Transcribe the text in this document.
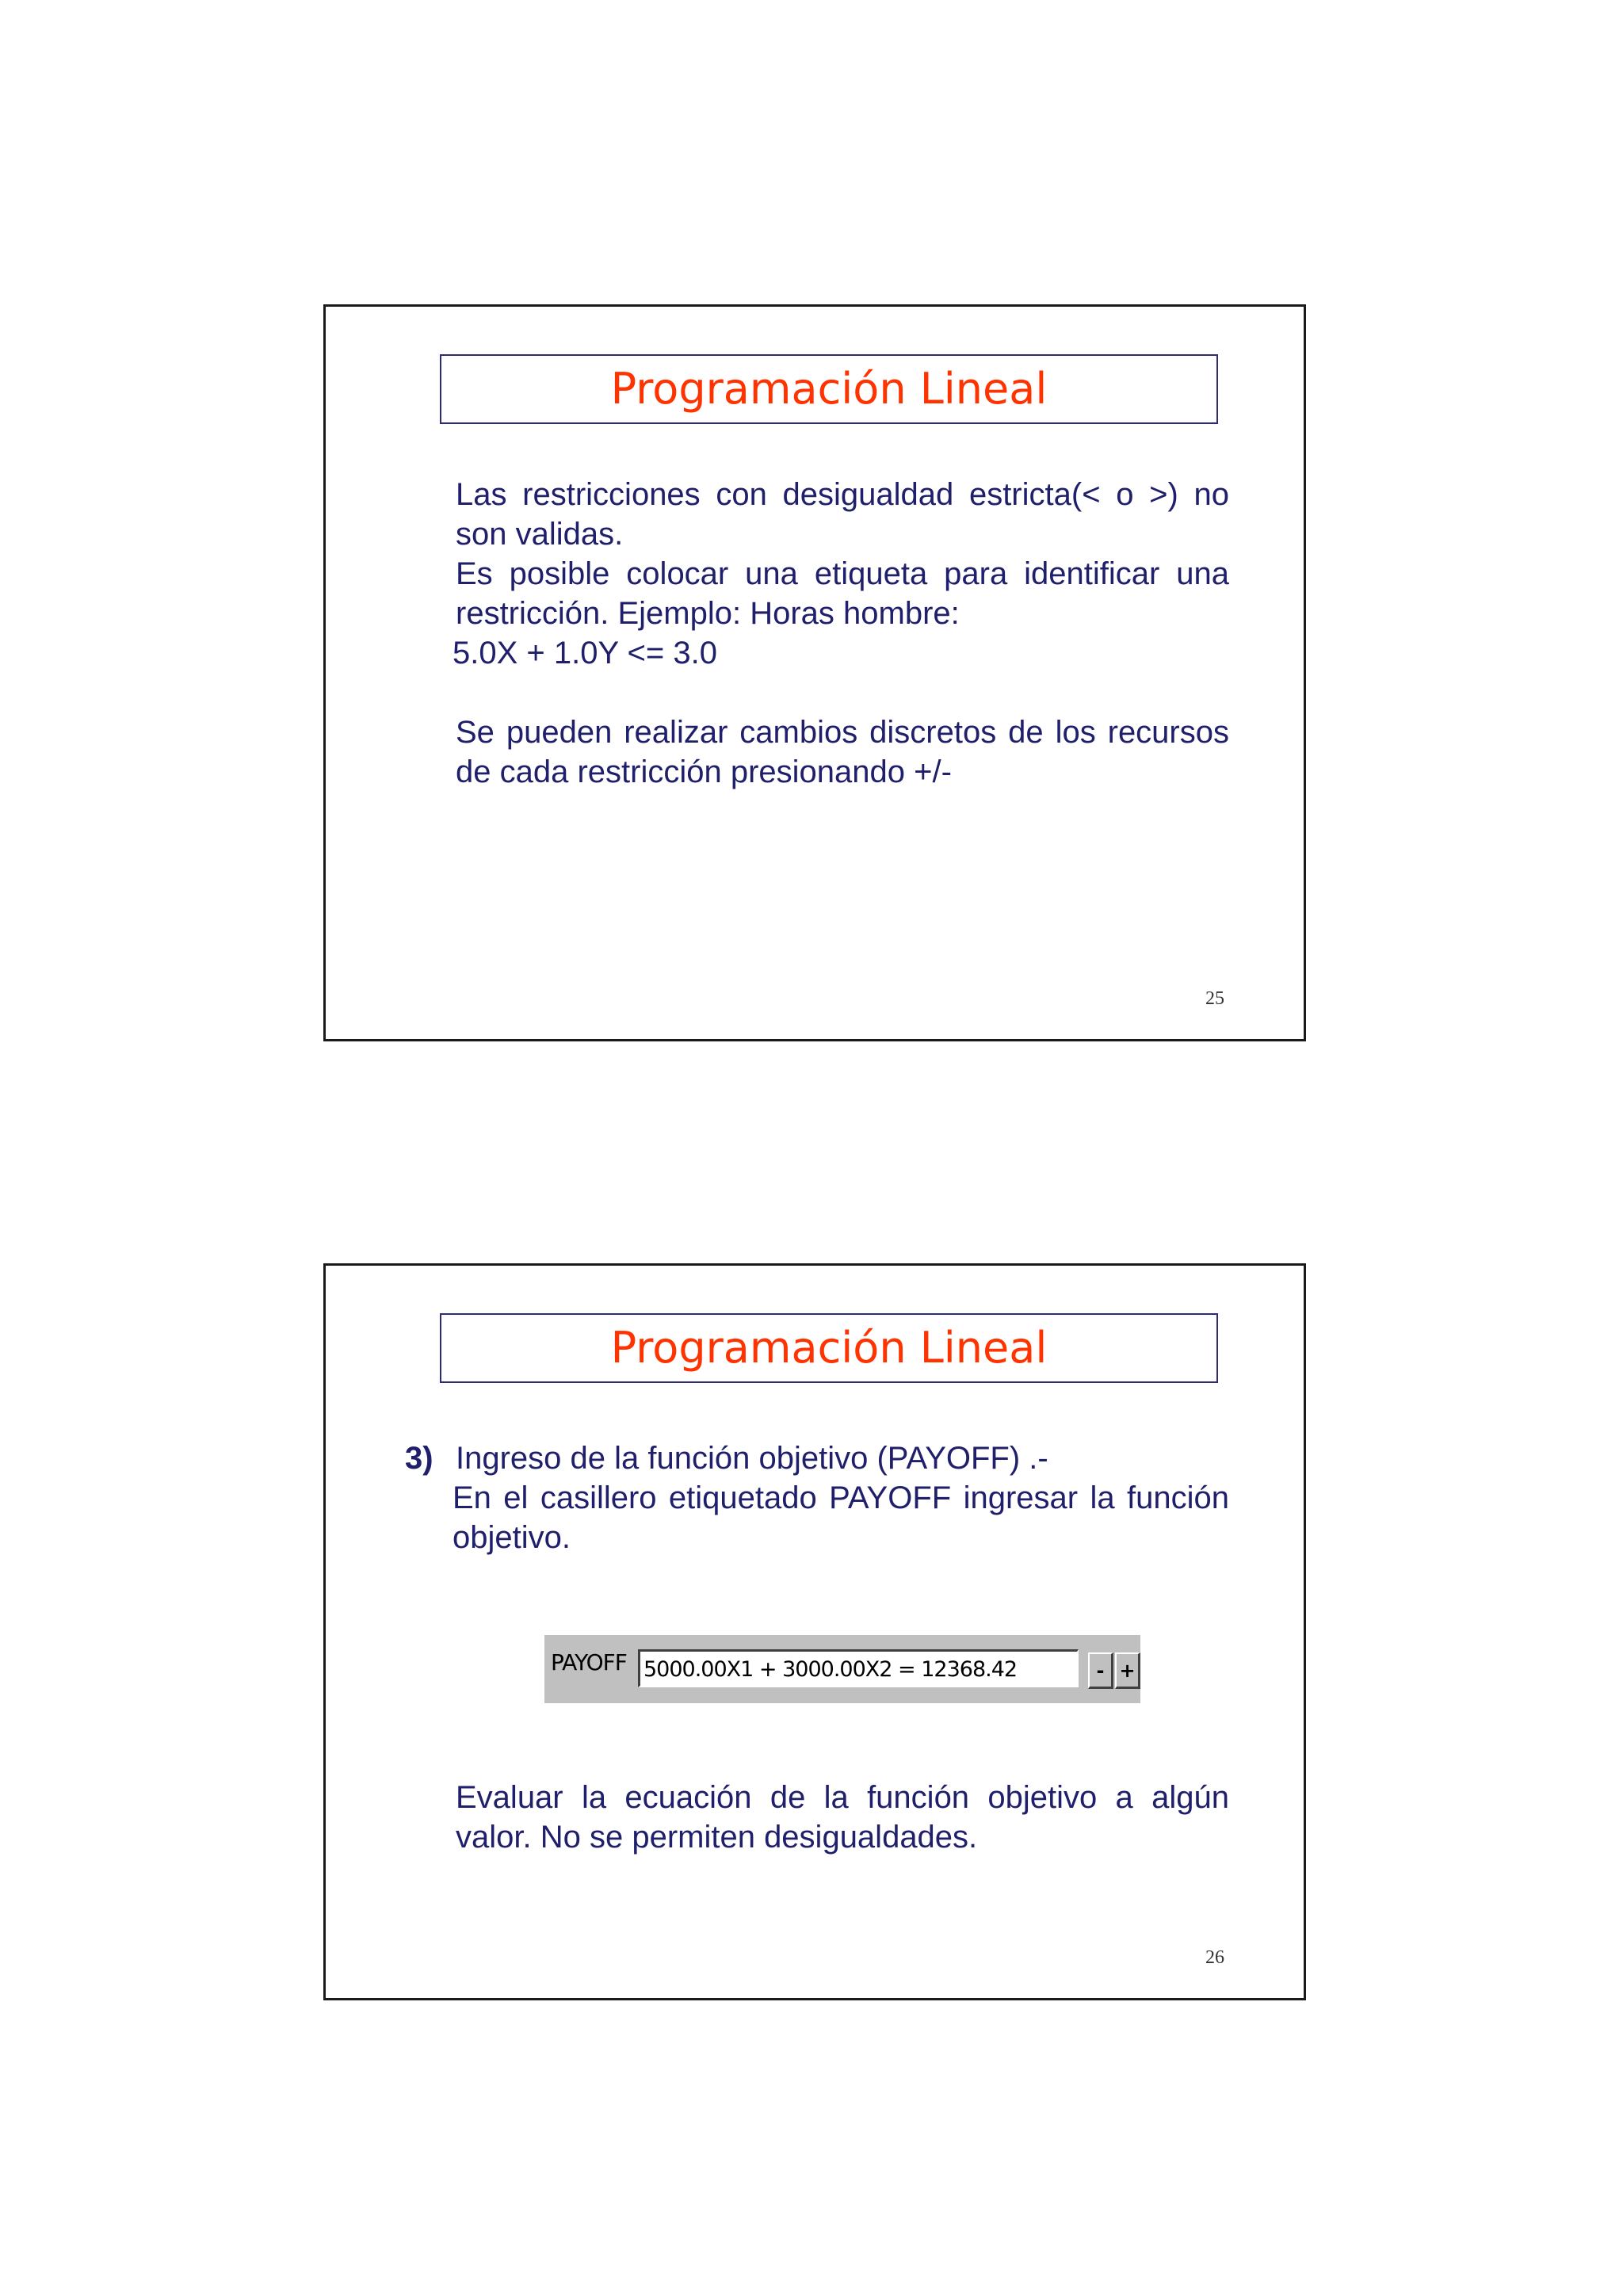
Programación Lineal

Las restricciones con desigualdad estricta(< o >) no son validas.

Es posible colocar una etiqueta para identificar una restricción. Ejemplo: Horas hombre:

5.0X + 1.0Y <= 3.0

Se pueden realizar cambios discretos de los recursos de cada restricción presionando +/-

25
Programación Lineal
3) Ingreso de la función objetivo (PAYOFF) .-

En el casillero etiquetado PAYOFF ingresar la función objetivo.

PAYOFF 5000.00X1 + 3000.00X2 = 12368.42	- +

Evaluar la ecuación de la función objetivo a algún valor. No se permiten desigualdades.

26
